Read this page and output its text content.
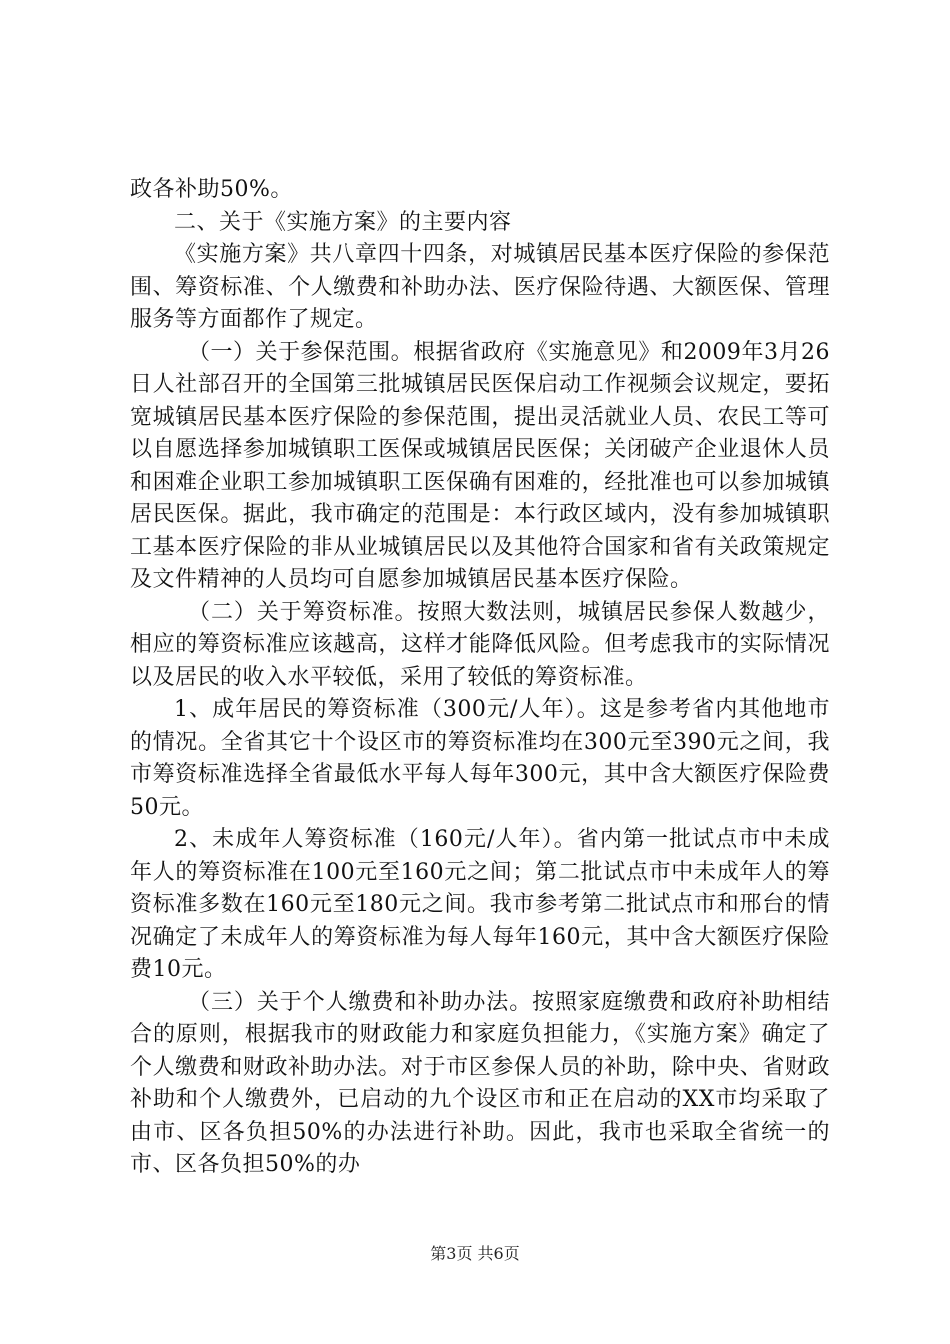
政各补助50%。

二、关于《实施方案》的主要内容

《实施方案》共八章四十四条，对城镇居民基本医疗保险的参保范围、筹资标准、个人缴费和补助办法、医疗保险待遇、大额医保、管理服务等方面都作了规定。

（一）关于参保范围。根据省政府《实施意见》和2009年3月26日人社部召开的全国第三批城镇居民医保启动工作视频会议规定，要拓宽城镇居民基本医疗保险的参保范围，提出灵活就业人员、农民工等可以自愿选择参加城镇职工医保或城镇居民医保；关闭破产企业退休人员和困难企业职工参加城镇职工医保确有困难的，经批准也可以参加城镇居民医保。据此，我市确定的范围是：本行政区域内，没有参加城镇职工基本医疗保险的非从业城镇居民以及其他符合国家和省有关政策规定及文件精神的人员均可自愿参加城镇居民基本医疗保险。

（二）关于筹资标准。按照大数法则，城镇居民参保人数越少，相应的筹资标准应该越高，这样才能降低风险。但考虑我市的实际情况以及居民的收入水平较低，采用了较低的筹资标准。

1、成年居民的筹资标准（300元/人年）。这是参考省内其他地市的情况。全省其它十个设区市的筹资标准均在300元至390元之间，我市筹资标准选择全省最低水平每人每年300元，其中含大额医疗保险费50元。

2、未成年人筹资标准（160元/人年）。省内第一批试点市中未成年人的筹资标准在100元至160元之间；第二批试点市中未成年人的筹资标准多数在160元至180元之间。我市参考第二批试点市和邢台的情况确定了未成年人的筹资标准为每人每年160元，其中含大额医疗保险费10元。

（三）关于个人缴费和补助办法。按照家庭缴费和政府补助相结合的原则，根据我市的财政能力和家庭负担能力，《实施方案》确定了个人缴费和财政补助办法。对于市区参保人员的补助，除中央、省财政补助和个人缴费外，已启动的九个设区市和正在启动的XX市均采取了由市、区各负担50%的办法进行补助。因此，我市也采取全省统一的市、区各负担50%的办

第3页 共6页
